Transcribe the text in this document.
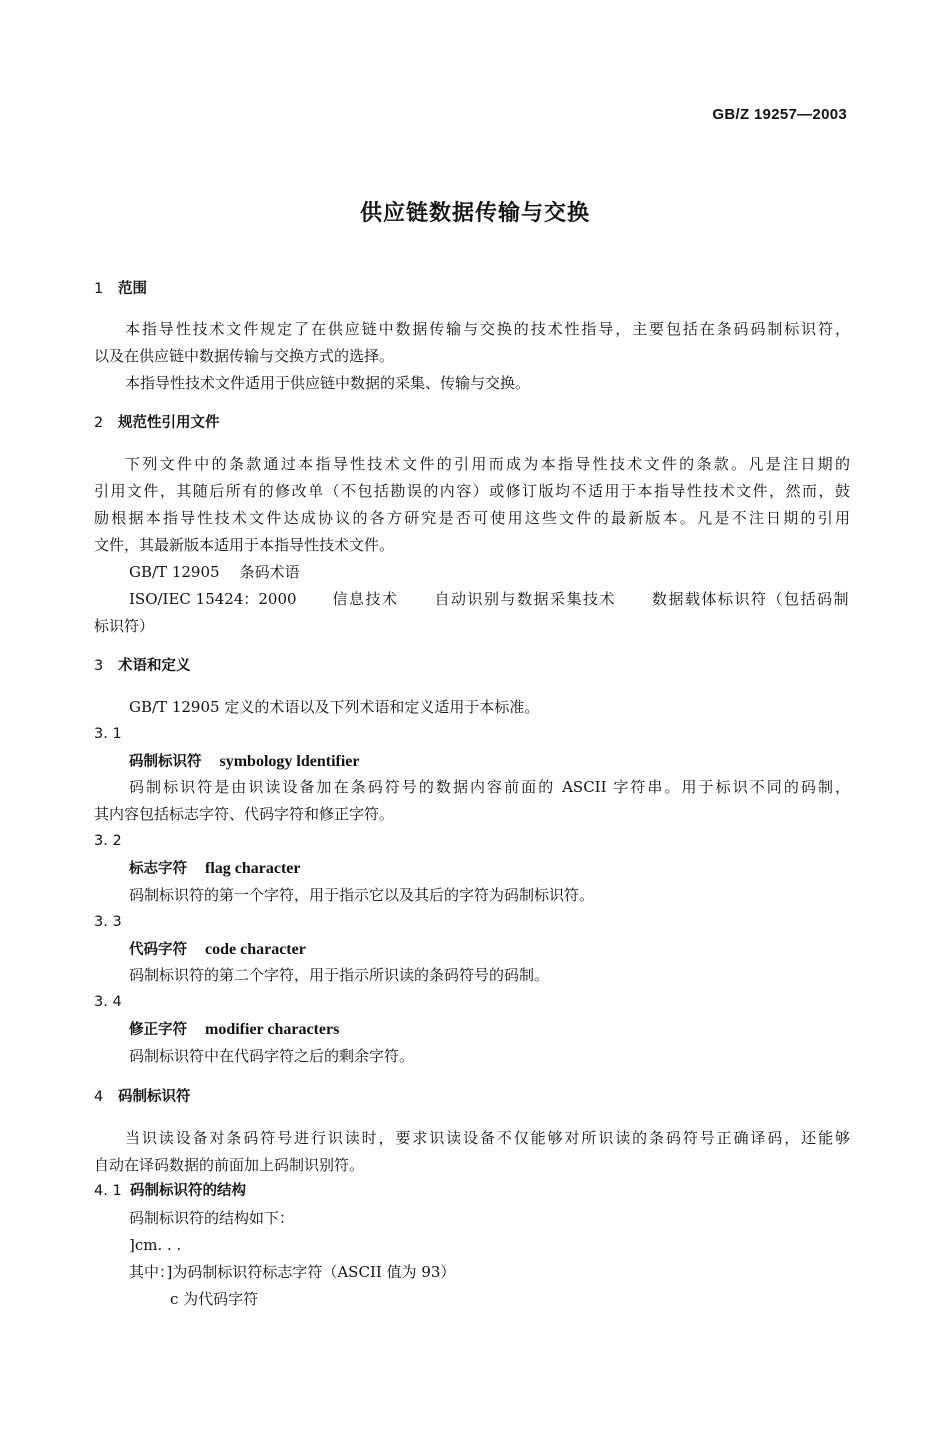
GB/Z 19257—2003
供应链数据传输与交换
1 范围
本指导性技术文件规定了在供应链中数据传输与交换的技术性指导，主要包括在条码码制标识符，
以及在供应链中数据传输与交换方式的选择。
本指导性技术文件适用于供应链中数据的采集、传输与交换。
2 规范性引用文件
下列文件中的条款通过本指导性技术文件的引用而成为本指导性技术文件的条款。凡是注日期的
引用文件，其随后所有的修改单（不包括勘误的内容）或修订版均不适用于本指导性技术文件，然而，鼓
励根据本指导性技术文件达成协议的各方研究是否可使用这些文件的最新版本。凡是不注日期的引用
文件，其最新版本适用于本指导性技术文件。
GB/T 12905 条码术语
ISO/IEC 15424：2000 信息技术 自动识别与数据采集技术 数据载体标识符（包括码制
标识符）
3 术语和定义
GB/T 12905 定义的术语以及下列术语和定义适用于本标准。
3. 1
码制标识符 symbology ldentifier
码制标识符是由识读设备加在条码符号的数据内容前面的 ASCII 字符串。用于标识不同的码制，
其内容包括标志字符、代码字符和修正字符。
3. 2
标志字符 flag character
码制标识符的第一个字符，用于指示它以及其后的字符为码制标识符。
3. 3
代码字符 code character
码制标识符的第二个字符，用于指示所识读的条码符号的码制。
3. 4
修正字符 modifier characters
码制标识符中在代码字符之后的剩余字符。
4 码制标识符
当识读设备对条码符号进行识读时，要求识读设备不仅能够对所识读的条码符号正确译码，还能够
自动在译码数据的前面加上码制识别符。
4. 1 码制标识符的结构
码制标识符的结构如下：
]cm. . .
其中：]为码制标识符标志字符（ASCII 值为 93）
c 为代码字符
